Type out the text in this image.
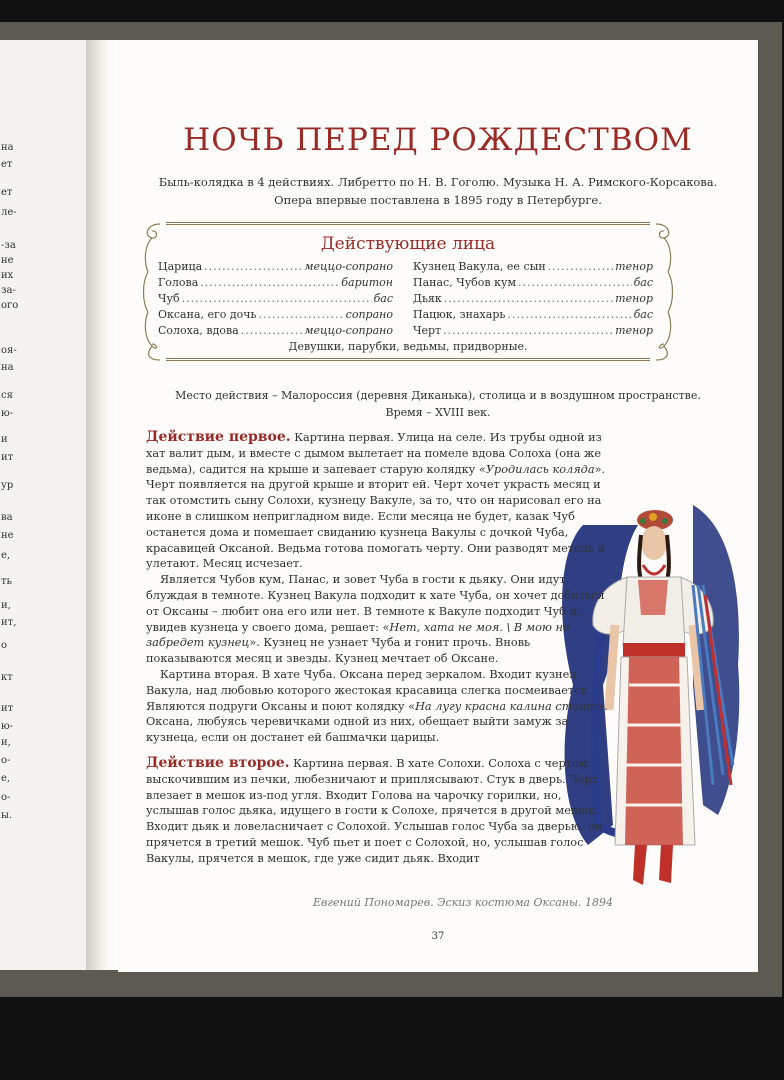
на
ет
ет
ле-
-за
не
их
за-
ого
оя-
на
ся
ю-
и
ит
ур
ва
не
е,
ть
и,
ит,
о
кт
ит
ю-
и,
о-
е,
о-
ы.
НОЧЬ ПЕРЕД РОЖДЕСТВОМ
Быль-колядка в 4 действиях. Либретто по Н. В. Гоголю. Музыка Н. А. Римского-Корсакова. Опера впервые поставлена в 1895 году в Петербурге.
Действующие лица
Царица .....	меццо-сопрано
Голова .....	баритон
Чуб .....	бас
Оксана, его дочь .....	сопрано
Солоха, вдова .....	меццо-сопрано
Кузнец Вакула, ее сын .....	тенор
Панас, Чубов кум .....	бас
Дьяк .....	тенор
Пацюк, знахарь .....	бас
Черт .....	тенор
Девушки, парубки, ведьмы, придворные.
Место действия – Малороссия (деревня Диканька), столица и в воздушном пространстве.
Время – XVIII век.

Действие первое. Картина первая. Улица на селе. Из трубы одной из хат валит дым, и вместе с дымом вылетает на помеле вдова Солоха (она же ведьма), садится на крыше и запевает старую колядку «Уродилась коляда». Черт появляется на другой крыше и вторит ей. Черт хочет украсть месяц и так отомстить сыну Солохи, кузнецу Вакуле, за то, что он нарисовал его на иконе в слишком непригладном виде. Если месяца не будет, казак Чуб останется дома и помешает свиданию кузнеца Вакулы с дочкой Чуба, красавицей Оксаной. Ведьма готова помогать черту. Они разводят метель и улетают. Месяц исчезает.

Является Чубов кум, Панас, и зовет Чуба в гости к дьяку. Они идут, блуждая в темноте. Кузнец Вакула подходит к хате Чуба, он хочет добиться от Оксаны – любит она его или нет. В темноте к Вакуле подходит Чуб и, увидев кузнеца у своего дома, решает: «Нет, хата не моя. \ В мою не забредет кузнец». Кузнец не узнает Чуба и гонит прочь. Вновь показываются месяц и звезды. Кузнец мечтает об Оксане.

Картина вторая. В хате Чуба. Оксана перед зеркалом. Входит кузнец Вакула, над любовью которого жестокая красавица слегка посмеивается. Являются подруги Оксаны и поют колядку «На лугу красна калина стоит». Оксана, любуясь черевичками одной из них, обещает выйти замуж за кузнеца, если он достанет ей башмачки царицы.

Действие второе. Картина первая. В хате Солохи. Солоха с чертом, выскочившим из печки, любезничают и приплясывают. Стук в дверь. Черт влезает в мешок из-под угля. Входит Голова на чарочку горилки, но, услышав голос дьяка, идущего в гости к Солохе, прячется в другой мешок. Входит дьяк и ловеласничает с Солохой. Услышав голос Чуба за дверью, он прячется в третий мешок. Чуб пьет и поет с Солохой, но, услышав голос Вакулы, прячется в мешок, где уже сидит дьяк. Входит

Евгений Пономарев. Эскиз костюма Оксаны. 1894
37
